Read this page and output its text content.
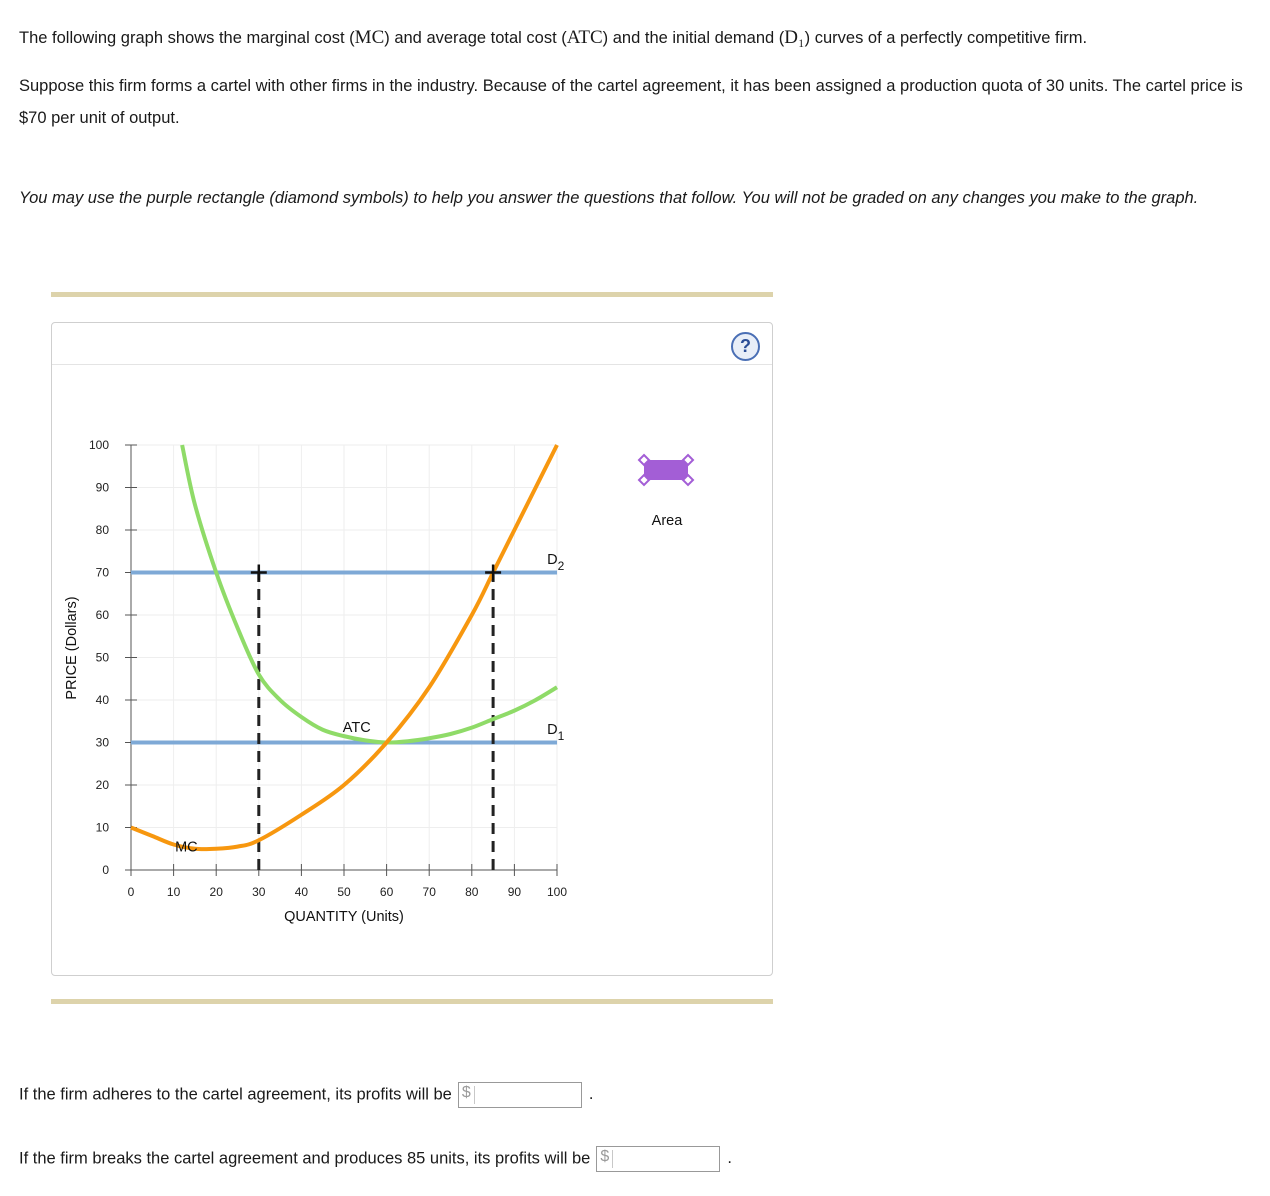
The following graph shows the marginal cost (MC) and average total cost (ATC) and the initial demand (D₁) curves of a perfectly competitive firm.

Suppose this firm forms a cartel with other firms in the industry. Because of the cartel agreement, it has been assigned a production quota of 30 units. The cartel price is $70 per unit of output.

You may use the purple rectangle (diamond symbols) to help you answer the questions that follow. You will not be graded on any changes you make to the graph.

?
0
10
20
30
40
50
60
70
80
90
100
0	10 20 30 40 50 60 70 80 90 100
ATC
MC
$D_2$
$D_1$
PRICE (Dollars)
QUANTITY (Units)
Area

If the firm adheres to the cartel agreement, its profits will be $	.

If the firm breaks the cartel agreement and produces 85 units, its profits will be $	.
